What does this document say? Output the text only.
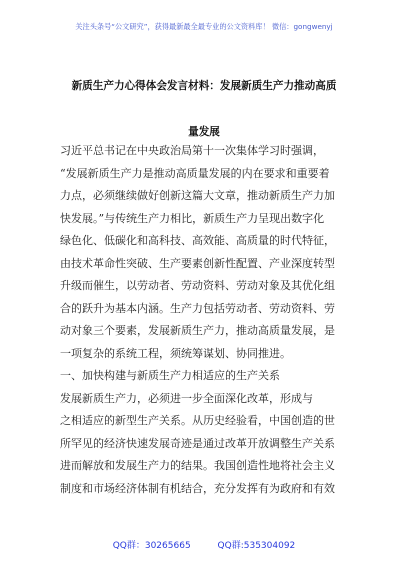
关注头条号“公文研究”，获得最新最全最专业的公文资料库！ 微信：gongwenyj
新质生产力心得体会发言材料：发展新质生产力推动高质
量发展
习近平总书记在中央政治局第十一次集体学习时强调，
“发展新质生产力是推动高质量发展的内在要求和重要着
力点，必须继续做好创新这篇大文章，推动新质生产力加
快发展。”与传统生产力相比，新质生产力呈现出数字化
绿色化、低碳化和高科技、高效能、高质量的时代特征，
由技术革命性突破、生产要素创新性配置、产业深度转型
升级而催生，以劳动者、劳动资料、劳动对象及其优化组
合的跃升为基本内涵。生产力包括劳动者、劳动资料、劳
动对象三个要素，发展新质生产力，推动高质量发展，是
一项复杂的系统工程，须统筹谋划、协同推进。
一、加快构建与新质生产力相适应的生产关系
发展新质生产力，必须进一步全面深化改革，形成与
之相适应的新型生产关系。从历史经验看，中国创造的世
所罕见的经济快速发展奇迹是通过改革开放调整生产关系
进而解放和发展生产力的结果。我国创造性地将社会主义
制度和市场经济体制有机结合，充分发挥有为政府和有效
QQ群：30265665	QQ群:535304092
